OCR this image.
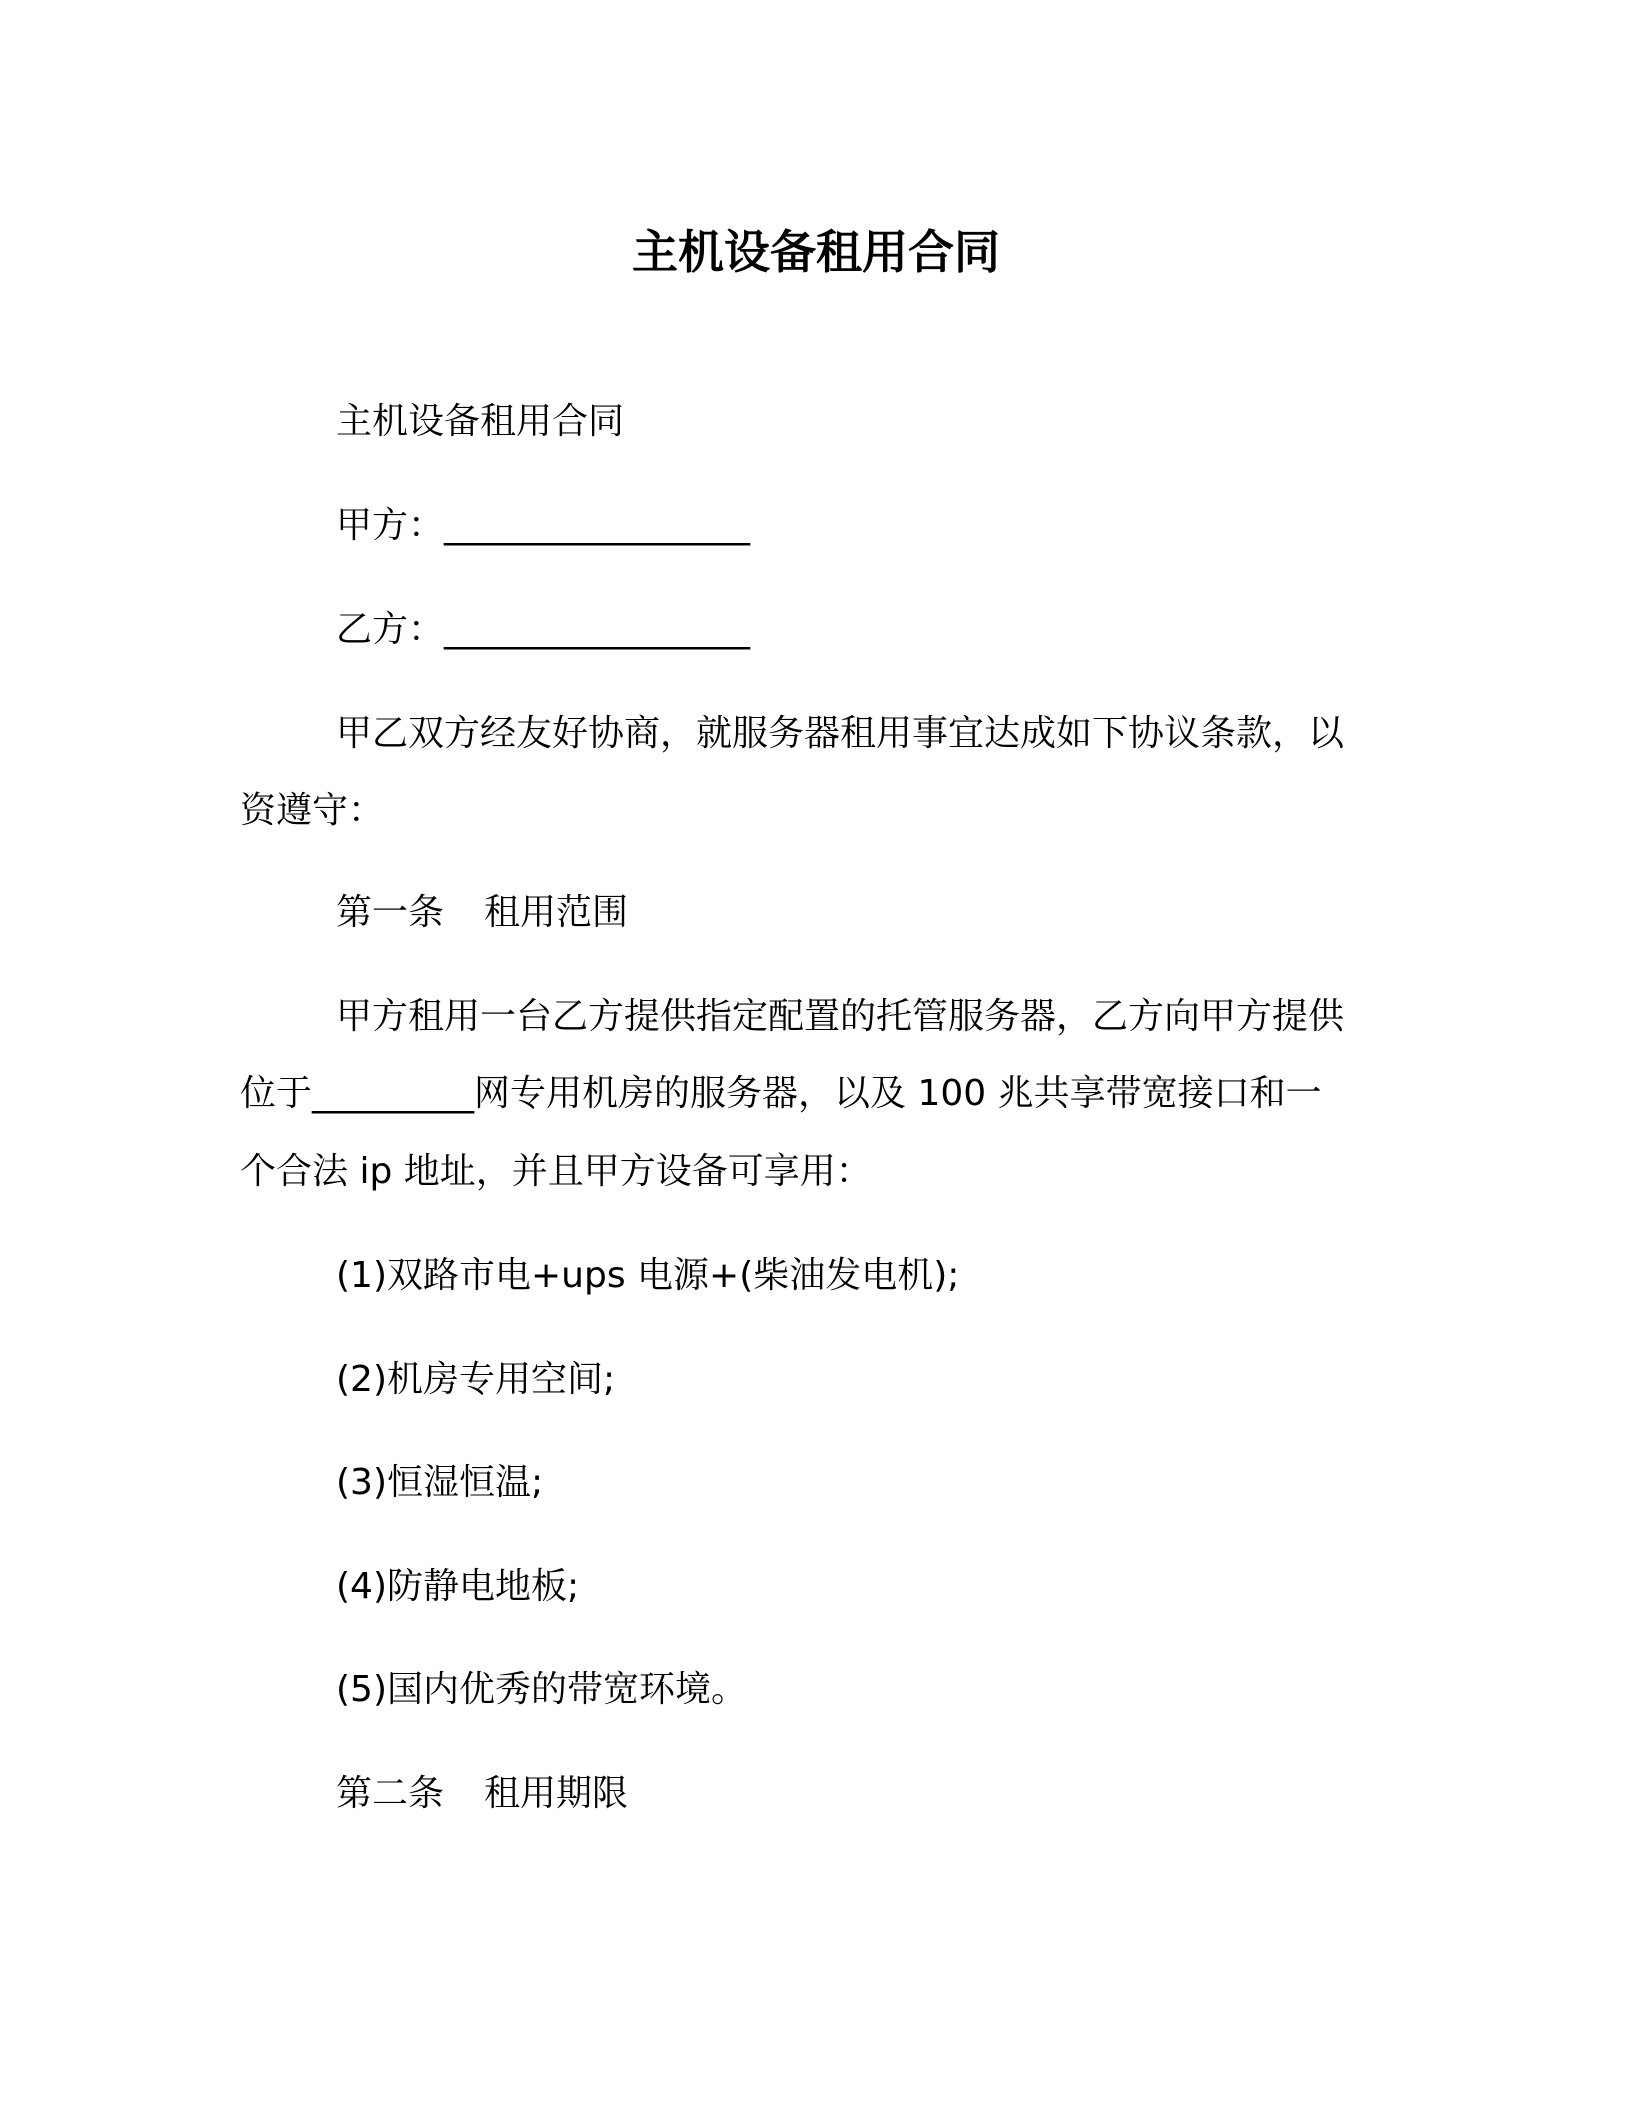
主机设备租用合同
主机设备租用合同
甲方：_________________
乙方：_________________
甲乙双方经友好协商，就服务器租用事宜达成如下协议条款，以
资遵守：
第一条 租用范围
甲方租用一台乙方提供指定配置的托管服务器，乙方向甲方提供
位于_________网专用机房的服务器，以及 100 兆共享带宽接口和一
个合法 ip 地址，并且甲方设备可享用：
(1)双路市电+ups 电源+(柴油发电机);
(2)机房专用空间;
(3)恒湿恒温;
(4)防静电地板;
(5)国内优秀的带宽环境。
第二条 租用期限
